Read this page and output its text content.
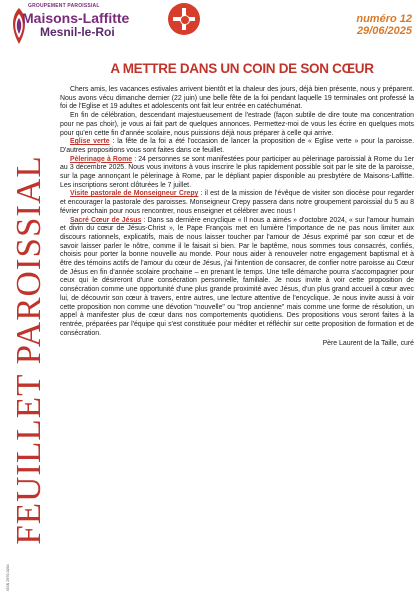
GROUPEMENT PAROISSIAL
Maisons-Laffitte
Mesnil-le-Roi
numéro 12
29/06/2025
FEUILLET PAROISSIAL
ISSN 2970-0264
A METTRE DANS UN COIN DE SON CŒUR

Chers amis, les vacances estivales arrivent bientôt et la chaleur des jours, déjà bien présente, nous y préparent. Nous avons vécu dimanche dernier (22 juin) une belle fête de la foi pendant laquelle 19 terminales ont professé la foi de l'Eglise et 19 adultes et adolescents ont fait leur entrée en catéchuménat.

En fin de célébration, descendant majestueusement de l'estrade (façon subtile de dire toute ma concentration pour ne pas choir), je vous ai fait part de quelques annonces. Permettez-moi de vous les écrire en quelques mots pour qu'en cette fin d'année scolaire, nous puissions déjà nous préparer à celle qui arrive.

Eglise verte : la fête de la foi a été l'occasion de lancer la proposition de « Eglise verte » pour la paroisse. D'autres propositions vous sont faites dans ce feuillet.

Pèlerinage à Rome : 24 personnes se sont manifestées pour participer au pèlerinage paroissial à Rome du 1er au 3 décembre 2025. Nous vous invitons à vous inscrire le plus rapidement possible soit par le site de la paroisse, sur la page annonçant le pèlerinage à Rome, par le dépliant papier disponible au presbytère de Maisons-Laffitte. Les inscriptions seront clôturées le 7 juillet.

Visite pastorale de Monseigneur Crepy : il est de la mission de l'évêque de visiter son diocèse pour regarder et encourager la pastorale des paroisses. Monseigneur Crepy passera dans notre groupement paroissial du 5 au 8 février prochain pour nous rencontrer, nous enseigner et célébrer avec nous !

Sacré Cœur de Jésus : Dans sa dernière encyclique « Il nous a aimés » d'octobre 2024, « sur l'amour humain et divin du cœur de Jésus-Christ », le Pape François met en lumière l'importance de ne pas nous limiter aux discours rationnels, explicatifs, mais de nous laisser toucher par l'amour de Jésus exprimé par son cœur et de savoir laisser parler le nôtre, comme il le faisait si bien. Par le baptême, nous sommes tous consacrés, confiés, choisis pour porter la bonne nouvelle au monde. Pour nous aider à renouveler notre engagement baptismal et à être des témoins actifs de l'amour du cœur de Jésus, j'ai l'intention de consacrer, de confier notre paroisse au Cœur de Jésus en fin d'année scolaire prochaine – en prenant le temps. Une telle démarche pourra s'accompagner pour ceux qui le désireront d'une consécration personnelle, familiale. Je nous invite à voir cette proposition de consécration comme une opportunité d'une plus grande proximité avec Jésus, d'un plus grand accueil à cœur avec lui, de découvrir son cœur à travers, entre autres, une lecture attentive de l'encyclique. Je nous invite aussi à voir cette proposition non comme une dévotion "nouvelle" ou "trop ancienne" mais comme une forme de résolution, un appel à manifester plus de cœur dans nos comportements quotidiens. Des propositions vous seront faites à la rentrée, préparées par l'équipe qui s'est constituée pour méditer et réfléchir sur cette proposition de formation et de consécration.

Père Laurent de la Taille, curé
